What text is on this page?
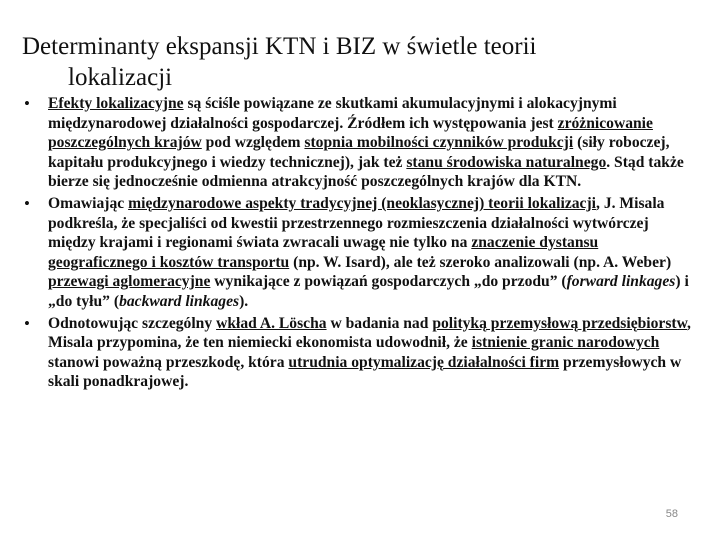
Determinanty ekspansji KTN i BIZ w świetle teorii
lokalizacji
• Efekty lokalizacyjne są ściśle powiązane ze skutkami akumulacyjnymi i alokacyjnymi międzynarodowej działalności gospodarczej. Źródłem ich występowania jest zróżnicowanie poszczególnych krajów pod względem stopnia mobilności czynników produkcji (siły roboczej, kapitału produkcyjnego i wiedzy technicznej), jak też stanu środowiska naturalnego. Stąd także bierze się jednocześnie odmienna atrakcyjność poszczególnych krajów dla KTN.
• Omawiając międzynarodowe aspekty tradycyjnej (neoklasycznej) teorii lokalizacji, J. Misala podkreśla, że specjaliści od kwestii przestrzennego rozmieszczenia działalności wytwórczej między krajami i regionami świata zwracali uwagę nie tylko na znaczenie dystansu geograficznego i kosztów transportu (np. W. Isard), ale też szeroko analizowali (np. A. Weber) przewagi aglomeracyjne wynikające z powiązań gospodarczych „do przodu” (forward linkages) i „do tyłu” (backward linkages).
• Odnotowując szczególny wkład A. Löscha w badania nad polityką przemysłową przedsiębiorstw, Misala przypomina, że ten niemiecki ekonomista udowodnił, że istnienie granic narodowych stanowi poważną przeszkodę, która utrudnia optymalizację działalności firm przemysłowych w skali ponadkrajowej.
58
